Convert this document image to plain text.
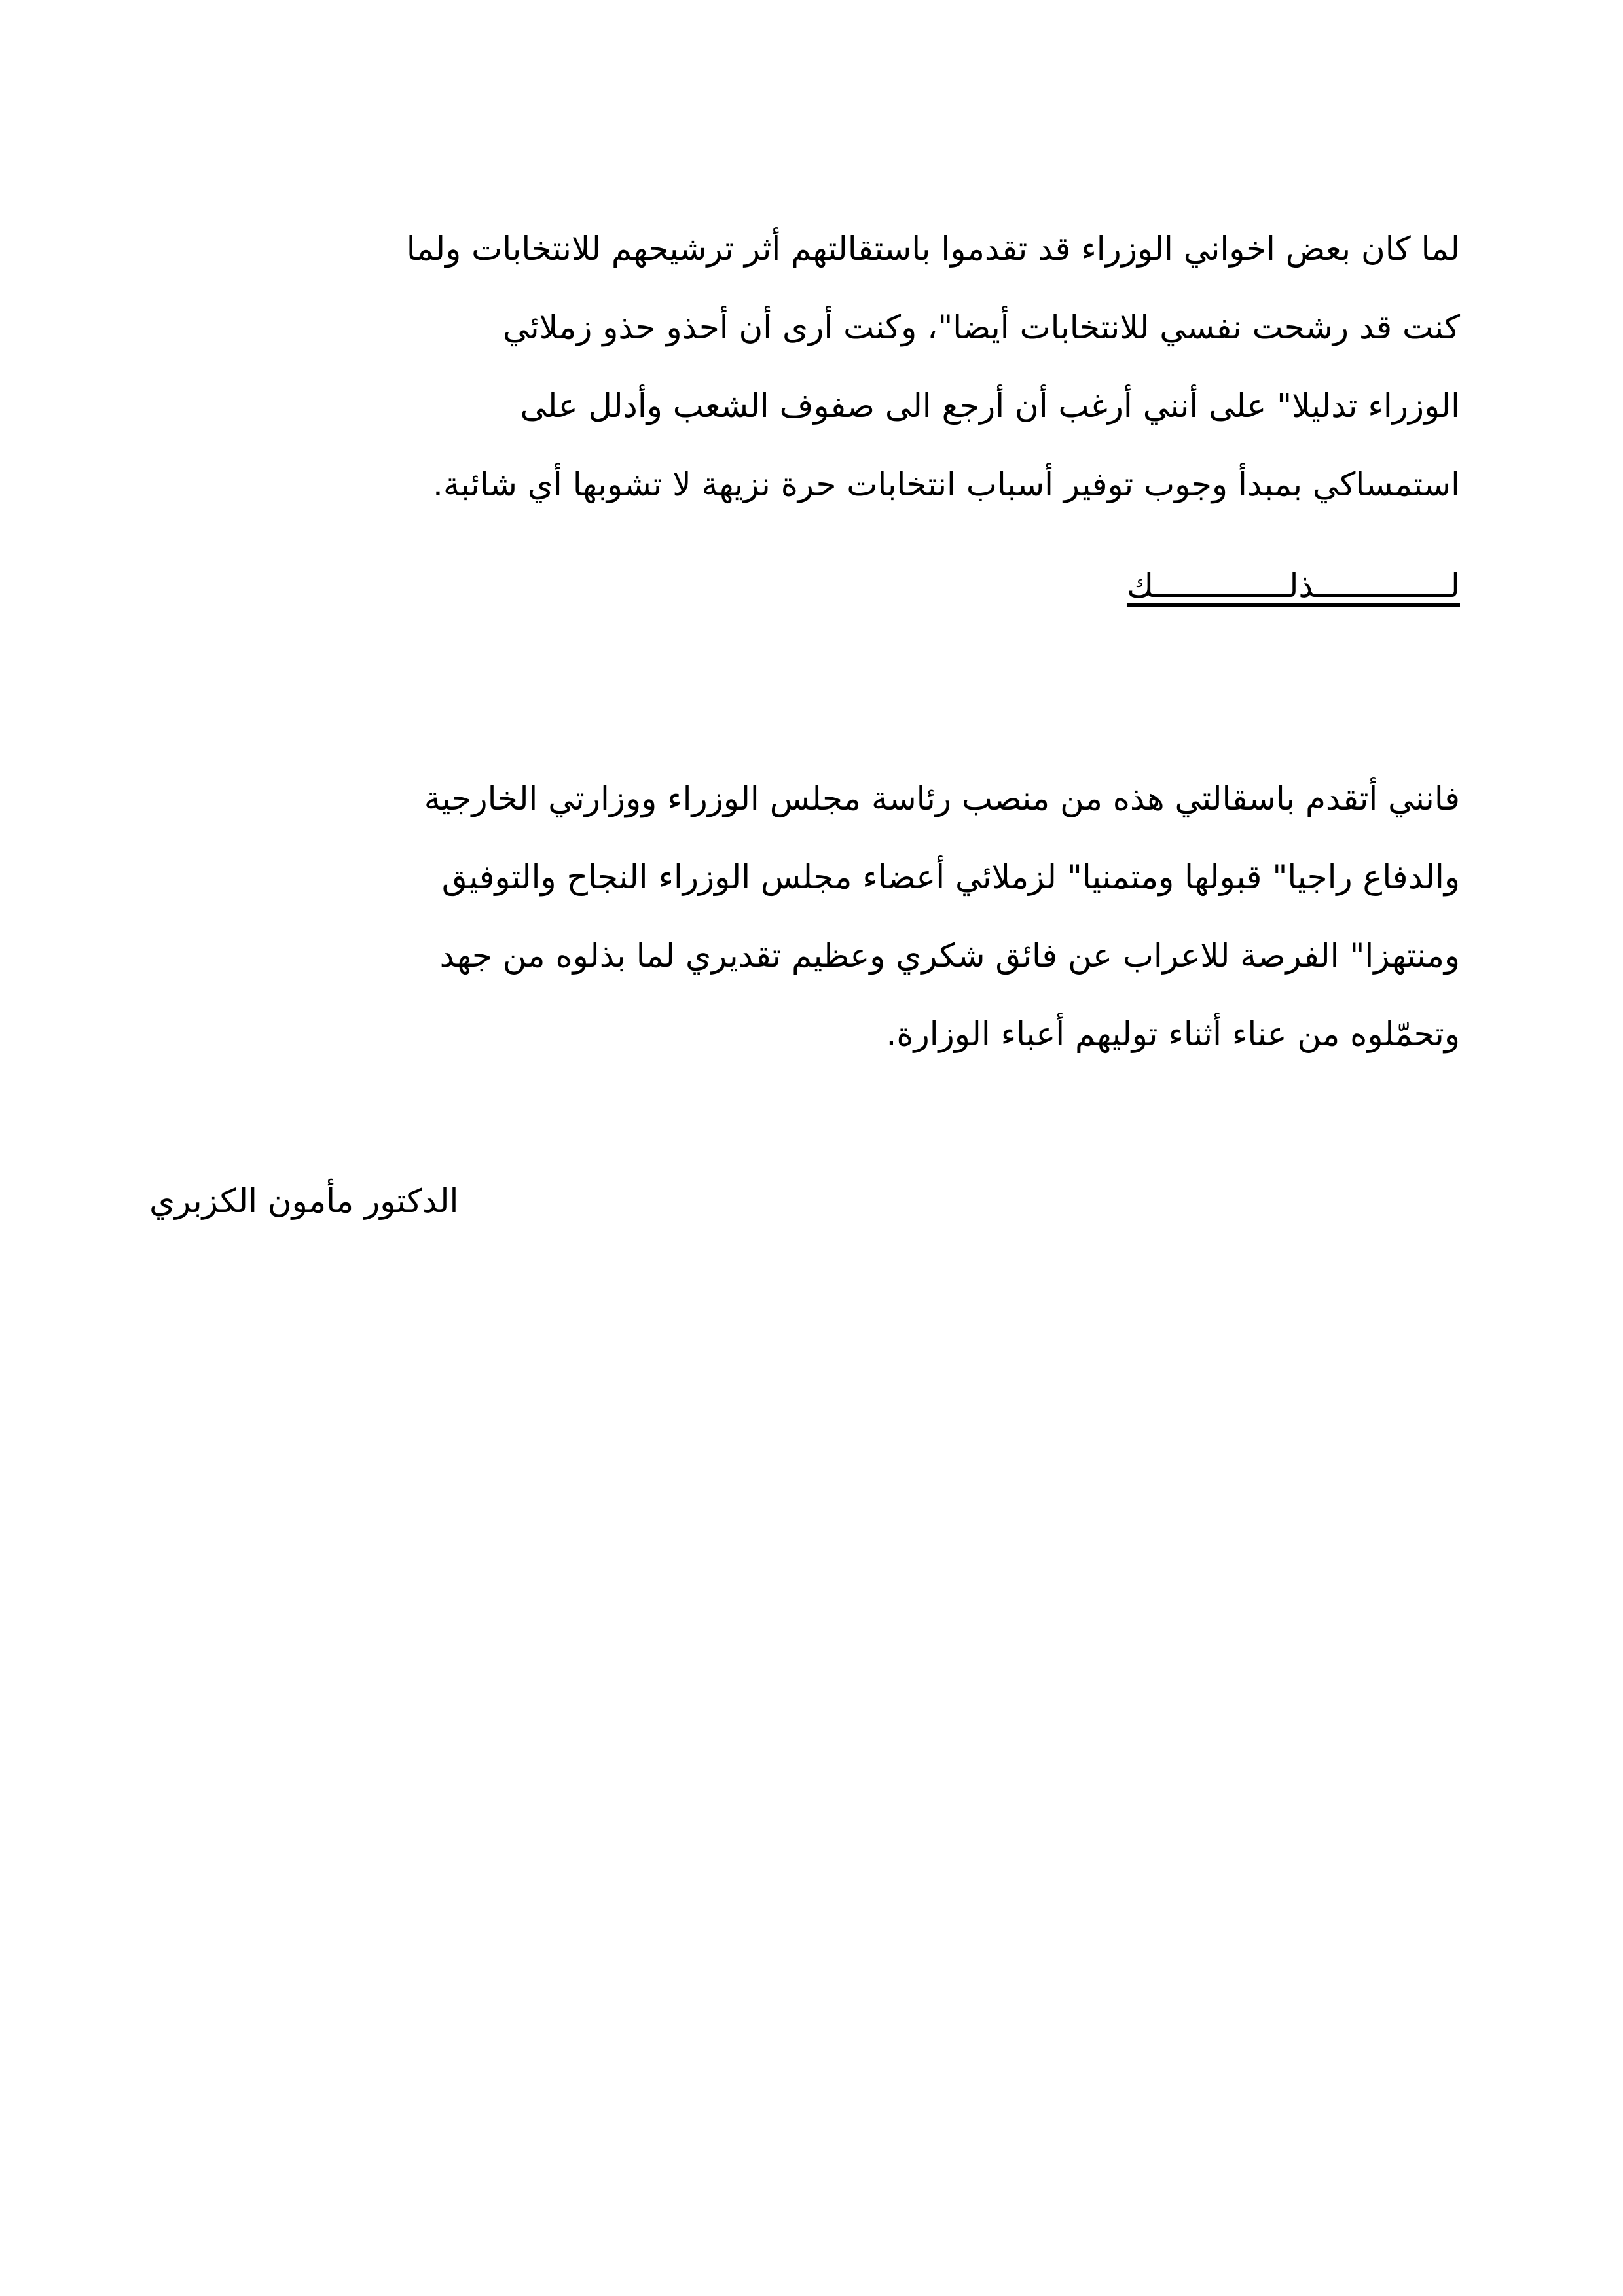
لما كان بعض اخواني الوزراء قد تقدموا باستقالتهم أثر ترشيحهم للانتخابات ولما
كنت قد رشحت نفسي للانتخابات أيضا"، وكنت أرى أن أحذو حذو زملائي
الوزراء تدليلا" على أنني أرغب أن أرجع الى صفوف الشعب وأدلل على
استمساكي بمبدأ وجوب توفير أسباب انتخابات حرة نزيهة لا تشوبها أي شائبة.
لــــــــــــــذلــــــــــــــك
فانني أتقدم باسقالتي هذه من منصب رئاسة مجلس الوزراء ووزارتي الخارجية
والدفاع راجيا" قبولها ومتمنيا" لزملائي أعضاء مجلس الوزراء النجاح والتوفيق
ومنتهزا" الفرصة للاعراب عن فائق شكري وعظيم تقديري لما بذلوه من جهد
وتحمّلوه من عناء أثناء توليهم أعباء الوزارة.
الدكتور مأمون الكزبري
